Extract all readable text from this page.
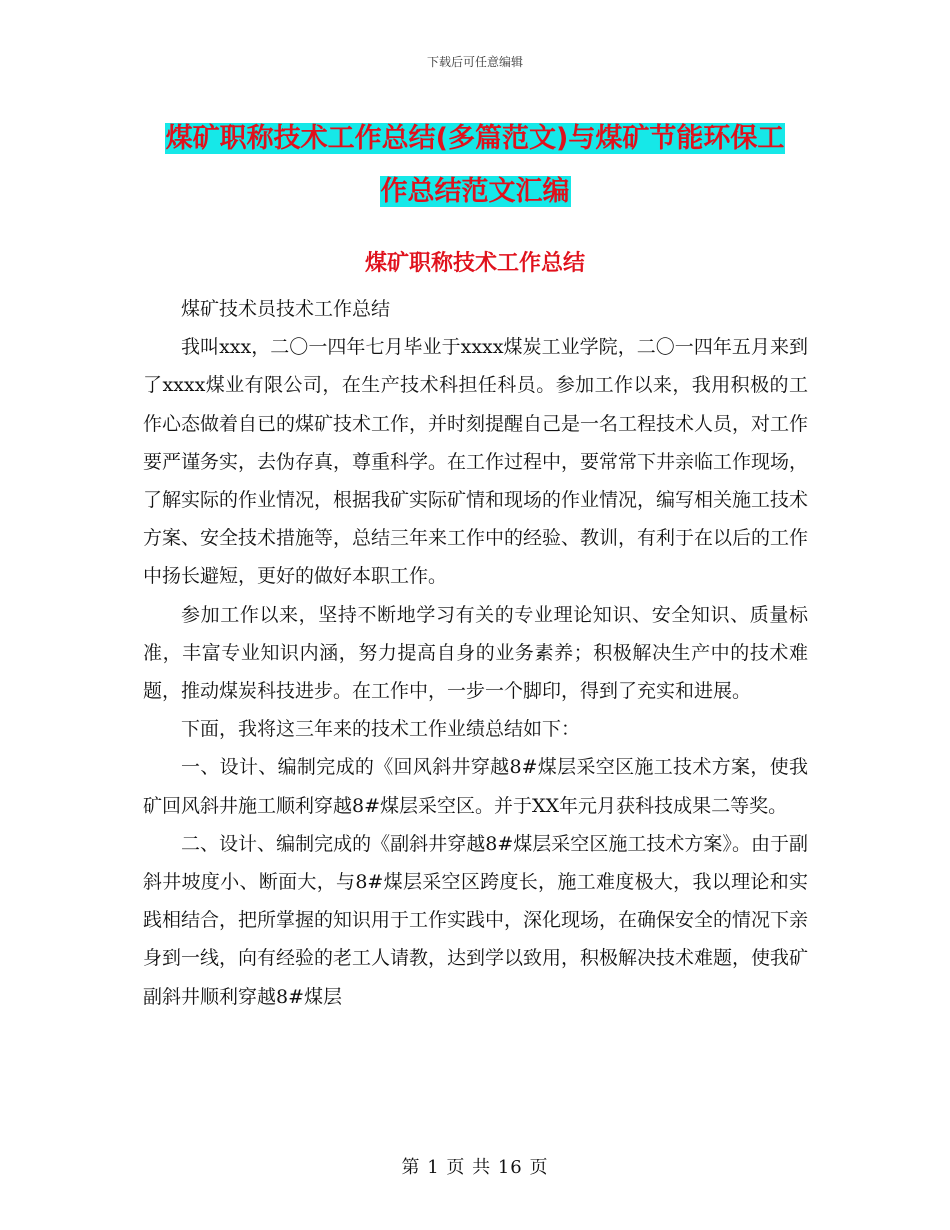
下载后可任意编辑
煤矿职称技术工作总结(多篇范文)与煤矿节能环保工
作总结范文汇编
煤矿职称技术工作总结

煤矿技术员技术工作总结

我叫xxx，二〇一四年七月毕业于xxxx煤炭工业学院，二〇一四年五月来到了xxxx煤业有限公司，在生产技术科担任科员。参加工作以来，我用积极的工作心态做着自已的煤矿技术工作，并时刻提醒自己是一名工程技术人员，对工作要严谨务实，去伪存真，尊重科学。在工作过程中，要常常下井亲临工作现场，了解实际的作业情况，根据我矿实际矿情和现场的作业情况，编写相关施工技术方案、安全技术措施等，总结三年来工作中的经验、教训，有利于在以后的工作中扬长避短，更好的做好本职工作。

参加工作以来，坚持不断地学习有关的专业理论知识、安全知识、质量标准，丰富专业知识内涵，努力提高自身的业务素养；积极解决生产中的技术难题，推动煤炭科技进步。在工作中，一步一个脚印，得到了充实和进展。

下面，我将这三年来的技术工作业绩总结如下：

一、设计、编制完成的《回风斜井穿越8#煤层采空区施工技术方案，使我矿回风斜井施工顺利穿越8#煤层采空区。并于XX年元月获科技成果二等奖。

二、设计、编制完成的《副斜井穿越8#煤层采空区施工技术方案》。由于副斜井坡度小、断面大，与8#煤层采空区跨度长，施工难度极大，我以理论和实践相结合，把所掌握的知识用于工作实践中，深化现场，在确保安全的情况下亲身到一线，向有经验的老工人请教，达到学以致用，积极解决技术难题，使我矿副斜井顺利穿越8#煤层

第 1 页 共 16 页
